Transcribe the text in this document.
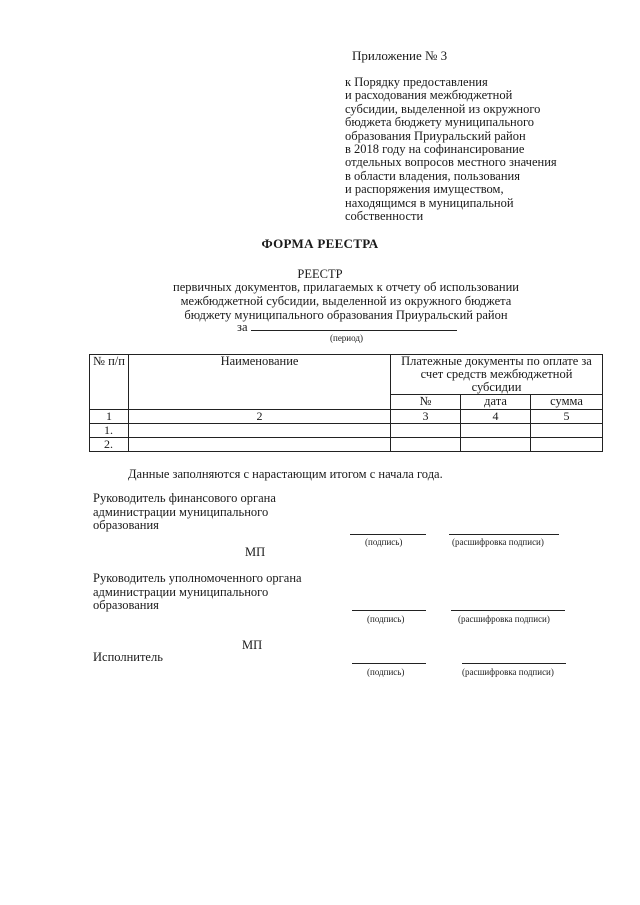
Приложение № 3
к Порядку предоставления
и расходования межбюджетной
субсидии, выделенной из окружного
бюджета бюджету муниципального
образования Приуральский район
в 2018 году на софинансирование
отдельных вопросов местного значения
в области владения, пользования
и распоряжения имуществом,
находящимся в муниципальной
собственности
ФОРМА РЕЕСТРА
РЕЕСТР
первичных документов, прилагаемых к отчету об использовании
межбюджетной субсидии, выделенной из окружного бюджета
бюджету муниципального образования Приуральский район
за
(период)
№ п/п	Наименование	Платежные документы по оплате за счет средств межбюджетной субсидии		
		№	дата	сумма
1	2	3	4	5
1.				
2.				
Данные заполняются с нарастающим итогом с начала года.
Руководитель финансового органа
администрации муниципального
образования
(подпись)	(расшифровка подписи)
МП
Руководитель уполномоченного органа
администрации муниципального
образования
(подпись)	(расшифровка подписи)
МП
Исполнитель
(подпись)	(расшифровка подписи)
